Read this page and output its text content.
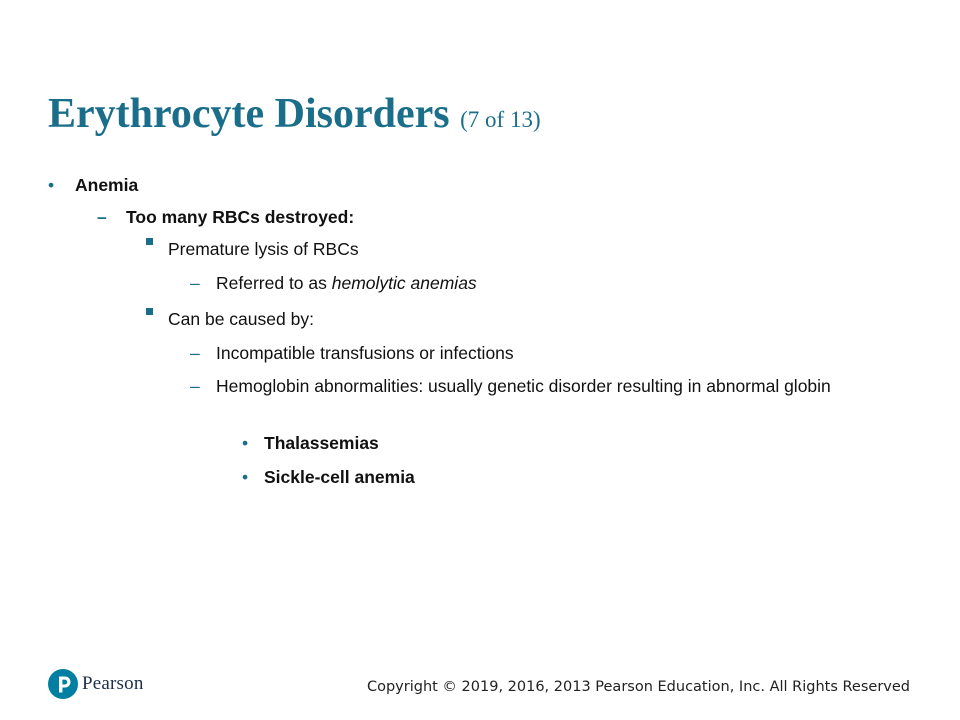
Erythrocyte Disorders (7 of 13)
• Anemia
– Too many RBCs destroyed:
Premature lysis of RBCs
– Referred to as hemolytic anemias
Can be caused by:
– Incompatible transfusions or infections
– Hemoglobin abnormalities: usually genetic disorder resulting in abnormal globin
• Thalassemias
• Sickle-cell anemia
Pearson	Copyright © 2019, 2016, 2013 Pearson Education, Inc. All Rights Reserved
